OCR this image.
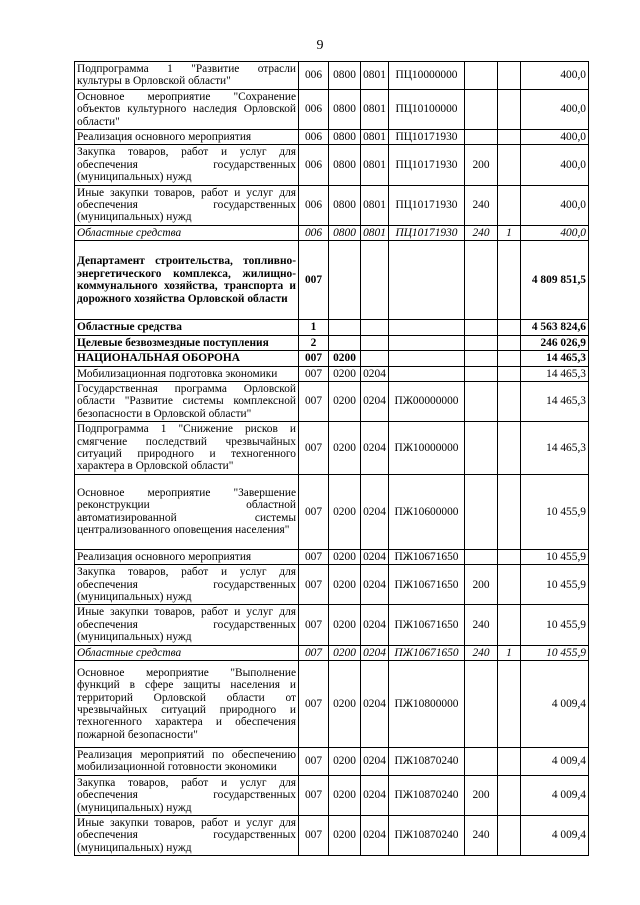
9
Подпрограмма 1 "Развитие отрасли культуры в Орловской области"	006	0800	0801	ПЦ10000000			400,0
Основное мероприятие "Сохранение объектов культурного наследия Орловской области"	006	0800	0801	ПЦ10100000			400,0
Реализация основного мероприятия	006	0800	0801	ПЦ10171930			400,0
Закупка товаров, работ и услуг для обеспечения государственных (муниципальных) нужд	006	0800	0801	ПЦ10171930	200		400,0
Иные закупки товаров, работ и услуг для обеспечения государственных (муниципальных) нужд	006	0800	0801	ПЦ10171930	240		400,0
Областные средства	006	0800	0801	ПЦ10171930	240	1	400,0
Департамент строительства, топливно-энергетического комплекса, жилищно-коммунального хозяйства, транспорта и дорожного хозяйства Орловской области	007						4 809 851,5
Областные средства	1						4 563 824,6
Целевые безвозмездные поступления	2						246 026,9
НАЦИОНАЛЬНАЯ ОБОРОНА	007	0200					14 465,3
Мобилизационная подготовка экономики	007	0200	0204				14 465,3
Государственная программа Орловской области "Развитие системы комплексной безопасности в Орловской области"	007	0200	0204	ПЖ00000000			14 465,3
Подпрограмма 1 "Снижение рисков и смягчение последствий чрезвычайных ситуаций природного и техногенного характера в Орловской области"	007	0200	0204	ПЖ10000000			14 465,3
Основное мероприятие "Завершение реконструкции областной автоматизированной системы централизованного оповещения населения"	007	0200	0204	ПЖ10600000			10 455,9
Реализация основного мероприятия	007	0200	0204	ПЖ10671650			10 455,9
Закупка товаров, работ и услуг для обеспечения государственных (муниципальных) нужд	007	0200	0204	ПЖ10671650	200		10 455,9
Иные закупки товаров, работ и услуг для обеспечения государственных (муниципальных) нужд	007	0200	0204	ПЖ10671650	240		10 455,9
Областные средства	007	0200	0204	ПЖ10671650	240	1	10 455,9
Основное мероприятие "Выполнение функций в сфере защиты населения и территорий Орловской области от чрезвычайных ситуаций природного и техногенного характера и обеспечения пожарной безопасности"	007	0200	0204	ПЖ10800000			4 009,4
Реализация мероприятий по обеспечению мобилизационной готовности экономики	007	0200	0204	ПЖ10870240			4 009,4
Закупка товаров, работ и услуг для обеспечения государственных (муниципальных) нужд	007	0200	0204	ПЖ10870240	200		4 009,4
Иные закупки товаров, работ и услуг для обеспечения государственных (муниципальных) нужд	007	0200	0204	ПЖ10870240	240		4 009,4
